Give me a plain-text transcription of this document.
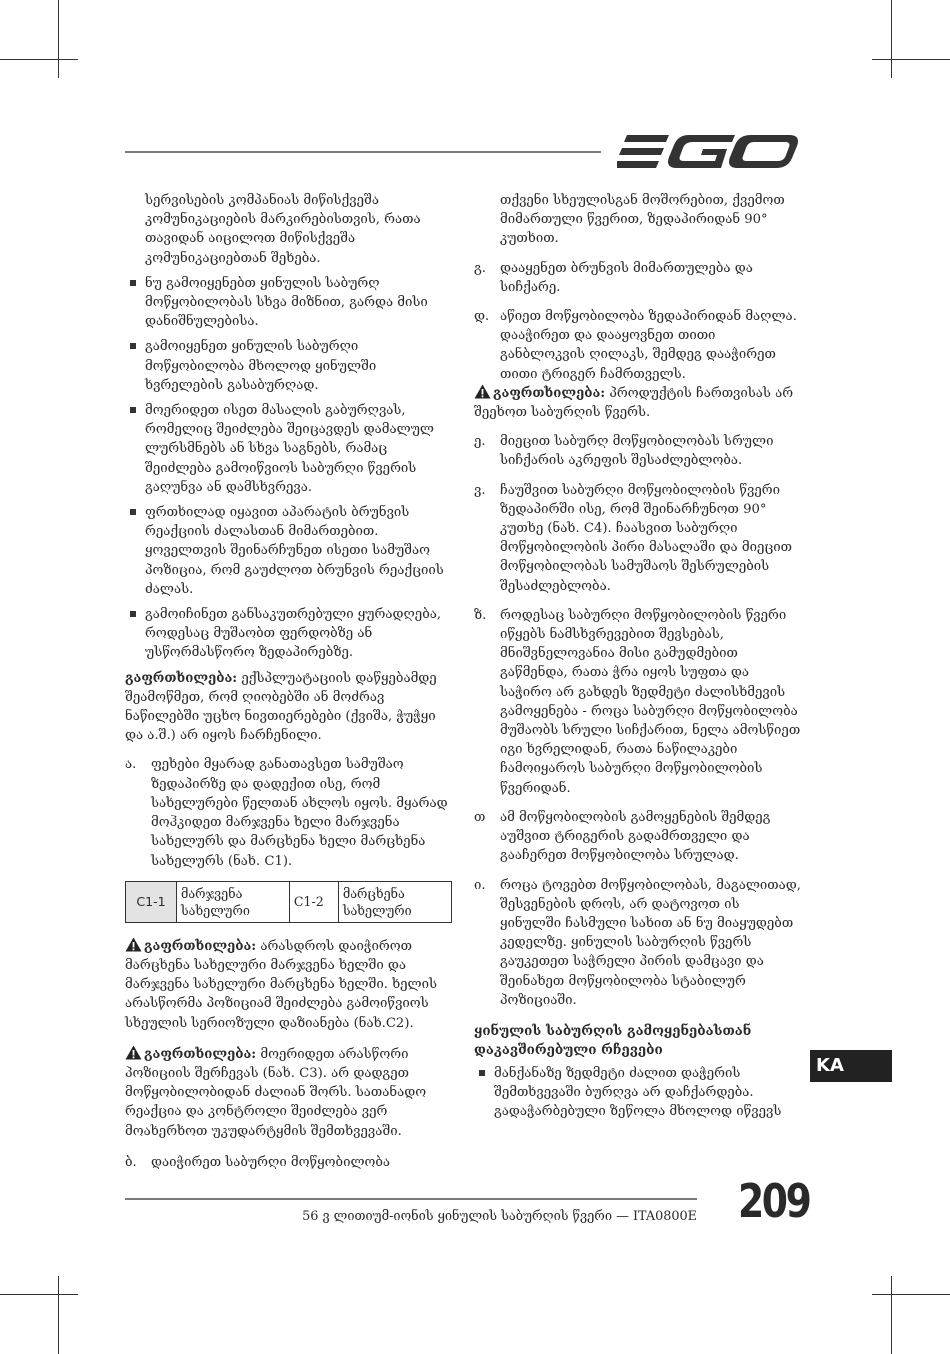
სერვისების კომპანიას მიწისქვეშა კომუნიკაციების მარკირებისთვის, რათა თავიდან აიცილოთ მიწისქვეშა კომუნიკაციებთან შეხება.

ნუ გამოიყენებთ ყინულის საბურღ მოწყობილობას სხვა მიზნით, გარდა მისი დანიშნულებისა.
გამოიყენეთ ყინულის საბურღი მოწყობილობა მხოლოდ ყინულში ხვრელების გასაბურღად.
მოერიდეთ ისეთ მასალის გაბურღვას, რომელიც შეიძლება შეიცავდეს დამალულ ლურსმნებს ან სხვა საგნებს, რამაც შეიძლება გამოიწვიოს საბურღი წვერის გაღუნვა ან დამსხვრევა.
ფრთხილად იყავით აპარატის ბრუნვის რეაქციის ძალასთან მიმართებით. ყოველთვის შეინარჩუნეთ ისეთი სამუშაო პოზიცია, რომ გაუძლოთ ბრუნვის რეაქციის ძალას.
გამოიჩინეთ განსაკუთრებული ყურადღება, როდესაც მუშაობთ ფერდობზე ან უსწორმასწორო ზედაპირებზე.

გაფრთხილება: ექსპლუატაციის დაწყებამდე შეამოწმეთ, რომ ღიობებში ან მოძრავ ნაწილებში უცხო ნივთიერებები (ქვიშა, ჭუჭყი და ა.შ.) არ იყოს ჩარჩენილი.

ა.	ფეხები მყარად განათავსეთ სამუშაო ზედაპირზე და დადექით ისე, რომ სახელურები წელთან ახლოს იყოს. მყარად მოჰკიდეთ მარჯვენა ხელი მარჯვენა სახელურს და მარცხენა ხელი მარცხენა სახელურს (ნახ. C1).
C1-1	მარჯვენა სახელური	C1-2	მარცხენა სახელური

გაფრთხილება: არასდროს დაიჭიროთ მარცხენა სახელური მარჯვენა ხელში და მარჯვენა სახელური მარცხენა ხელში. ხელის არასწორმა პოზიციამ შეიძლება გამოიწვიოს სხეულის სერიოზული დაზიანება (ნახ.C2).

გაფრთხილება: მოერიდეთ არასწორი პოზიციის შერჩევას (ნახ. C3). არ დადგეთ მოწყობილობიდან ძალიან შორს. სათანადო რეაქცია და კონტროლი შეიძლება ვერ მოახერხოთ უკუდარტყმის შემთხვევაში.

ბ.	დაიჭირეთ საბურღი მოწყობილობა

თქვენი სხეულისგან მოშორებით, ქვემოთ მიმართული წვერით, ზედაპირიდან 90° კუთხით.

გ.	დააყენეთ ბრუნვის მიმართულება და სიჩქარე.
დ. აწიეთ მოწყობილობა ზედაპირიდან მაღლა. დააჭირეთ და დააყოვნეთ თითი განბლოკვის ღილაკს, შემდეგ დააჭირეთ თითი ტრიგერ ჩამრთველს.

გაფრთხილება: პროდუქტის ჩართვისას არ შეეხოთ საბურღის წვერს.

ე.	მიეცით საბურღ მოწყობილობას სრული სიჩქარის აკრეფის შესაძლებლობა.
ვ.	ჩაუშვით საბურღი მოწყობილობის წვერი ზედაპირში ისე, რომ შეინარჩუნოთ 90° კუთხე (ნახ. C4). ჩაასვით საბურღი მოწყობილობის პირი მასალაში და მიეცით მოწყობილობას სამუშაოს შესრულების შესაძლებლობა.
ზ.	როდესაც საბურღი მოწყობილობის წვერი იწყებს ნამსხვრევებით შევსებას, მნიშვნელოვანია მისი გამუდმებით გაწმენდა, რათა ჭრა იყოს სუფთა და საჭირო არ გახდეს ზედმეტი ძალისხმევის გამოყენება - როცა საბურღი მოწყობილობა მუშაობს სრული სიჩქარით, ნელა ამოსწიეთ იგი ხვრელიდან, რათა ნაწილაკები ჩამოიყაროს საბურღი მოწყობილობის წვერიდან.
თ	ამ მოწყობილობის გამოყენების შემდეგ აუშვით ტრიგერის გადამრთველი და გააჩერეთ მოწყობილობა სრულად.
ი.	როცა ტოვებთ მოწყობილობას, მაგალითად, შესვენების დროს, არ დატოვოთ ის ყინულში ჩასმული სახით ან ნუ მიაყუდებთ კედელზე. ყინულის საბურღის წვერს გაუკეთეთ საჭრელი პირის დამცავი და შეინახეთ მოწყობილობა სტაბილურ პოზიციაში.
ყინულის საბურღის გამოყენებასთან დაკავშირებული რჩევები
მანქანაზე ზედმეტი ძალით დაჭერის შემთხვევაში ბურღვა არ დაჩქარდება. გადაჭარბებული ზეწოლა მხოლოდ იწვევს
KA
56 ვ ლითიუმ-იონის ყინულის საბურღის წვერი — ITA0800E 209
